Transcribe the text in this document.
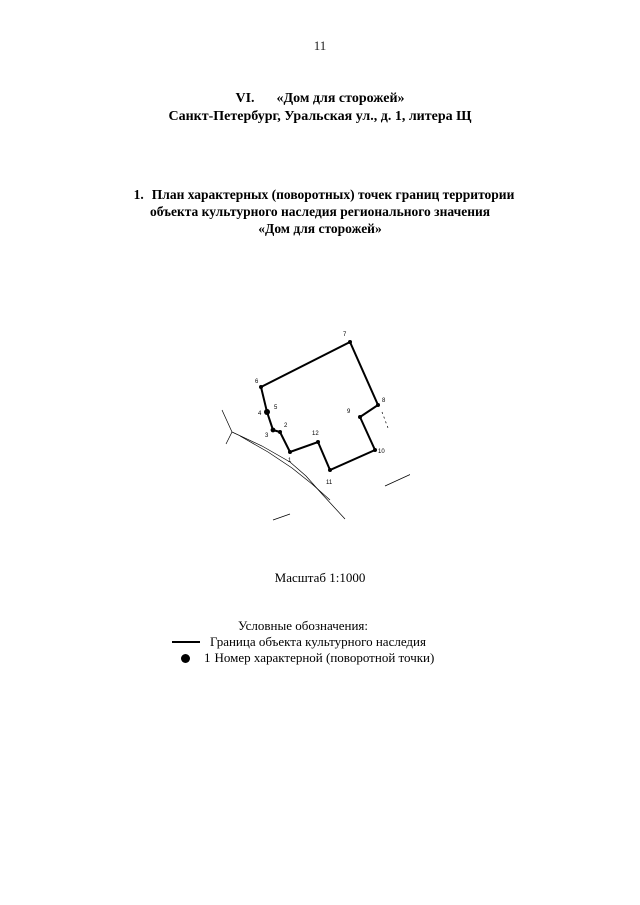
11
VI. «Дом для сторожей»
Санкт-Петербург, Уральская ул., д. 1, литера Щ
1. План характерных (поворотных) точек границ территории
объекта культурного наследия регионального значения
«Дом для сторожей»
1
2
3
4
5
6
7
8
9
10
11
12
Масштаб 1:1000
Условные обозначения:
Граница объекта культурного наследия
1 Номер характерной (поворотной точки)
